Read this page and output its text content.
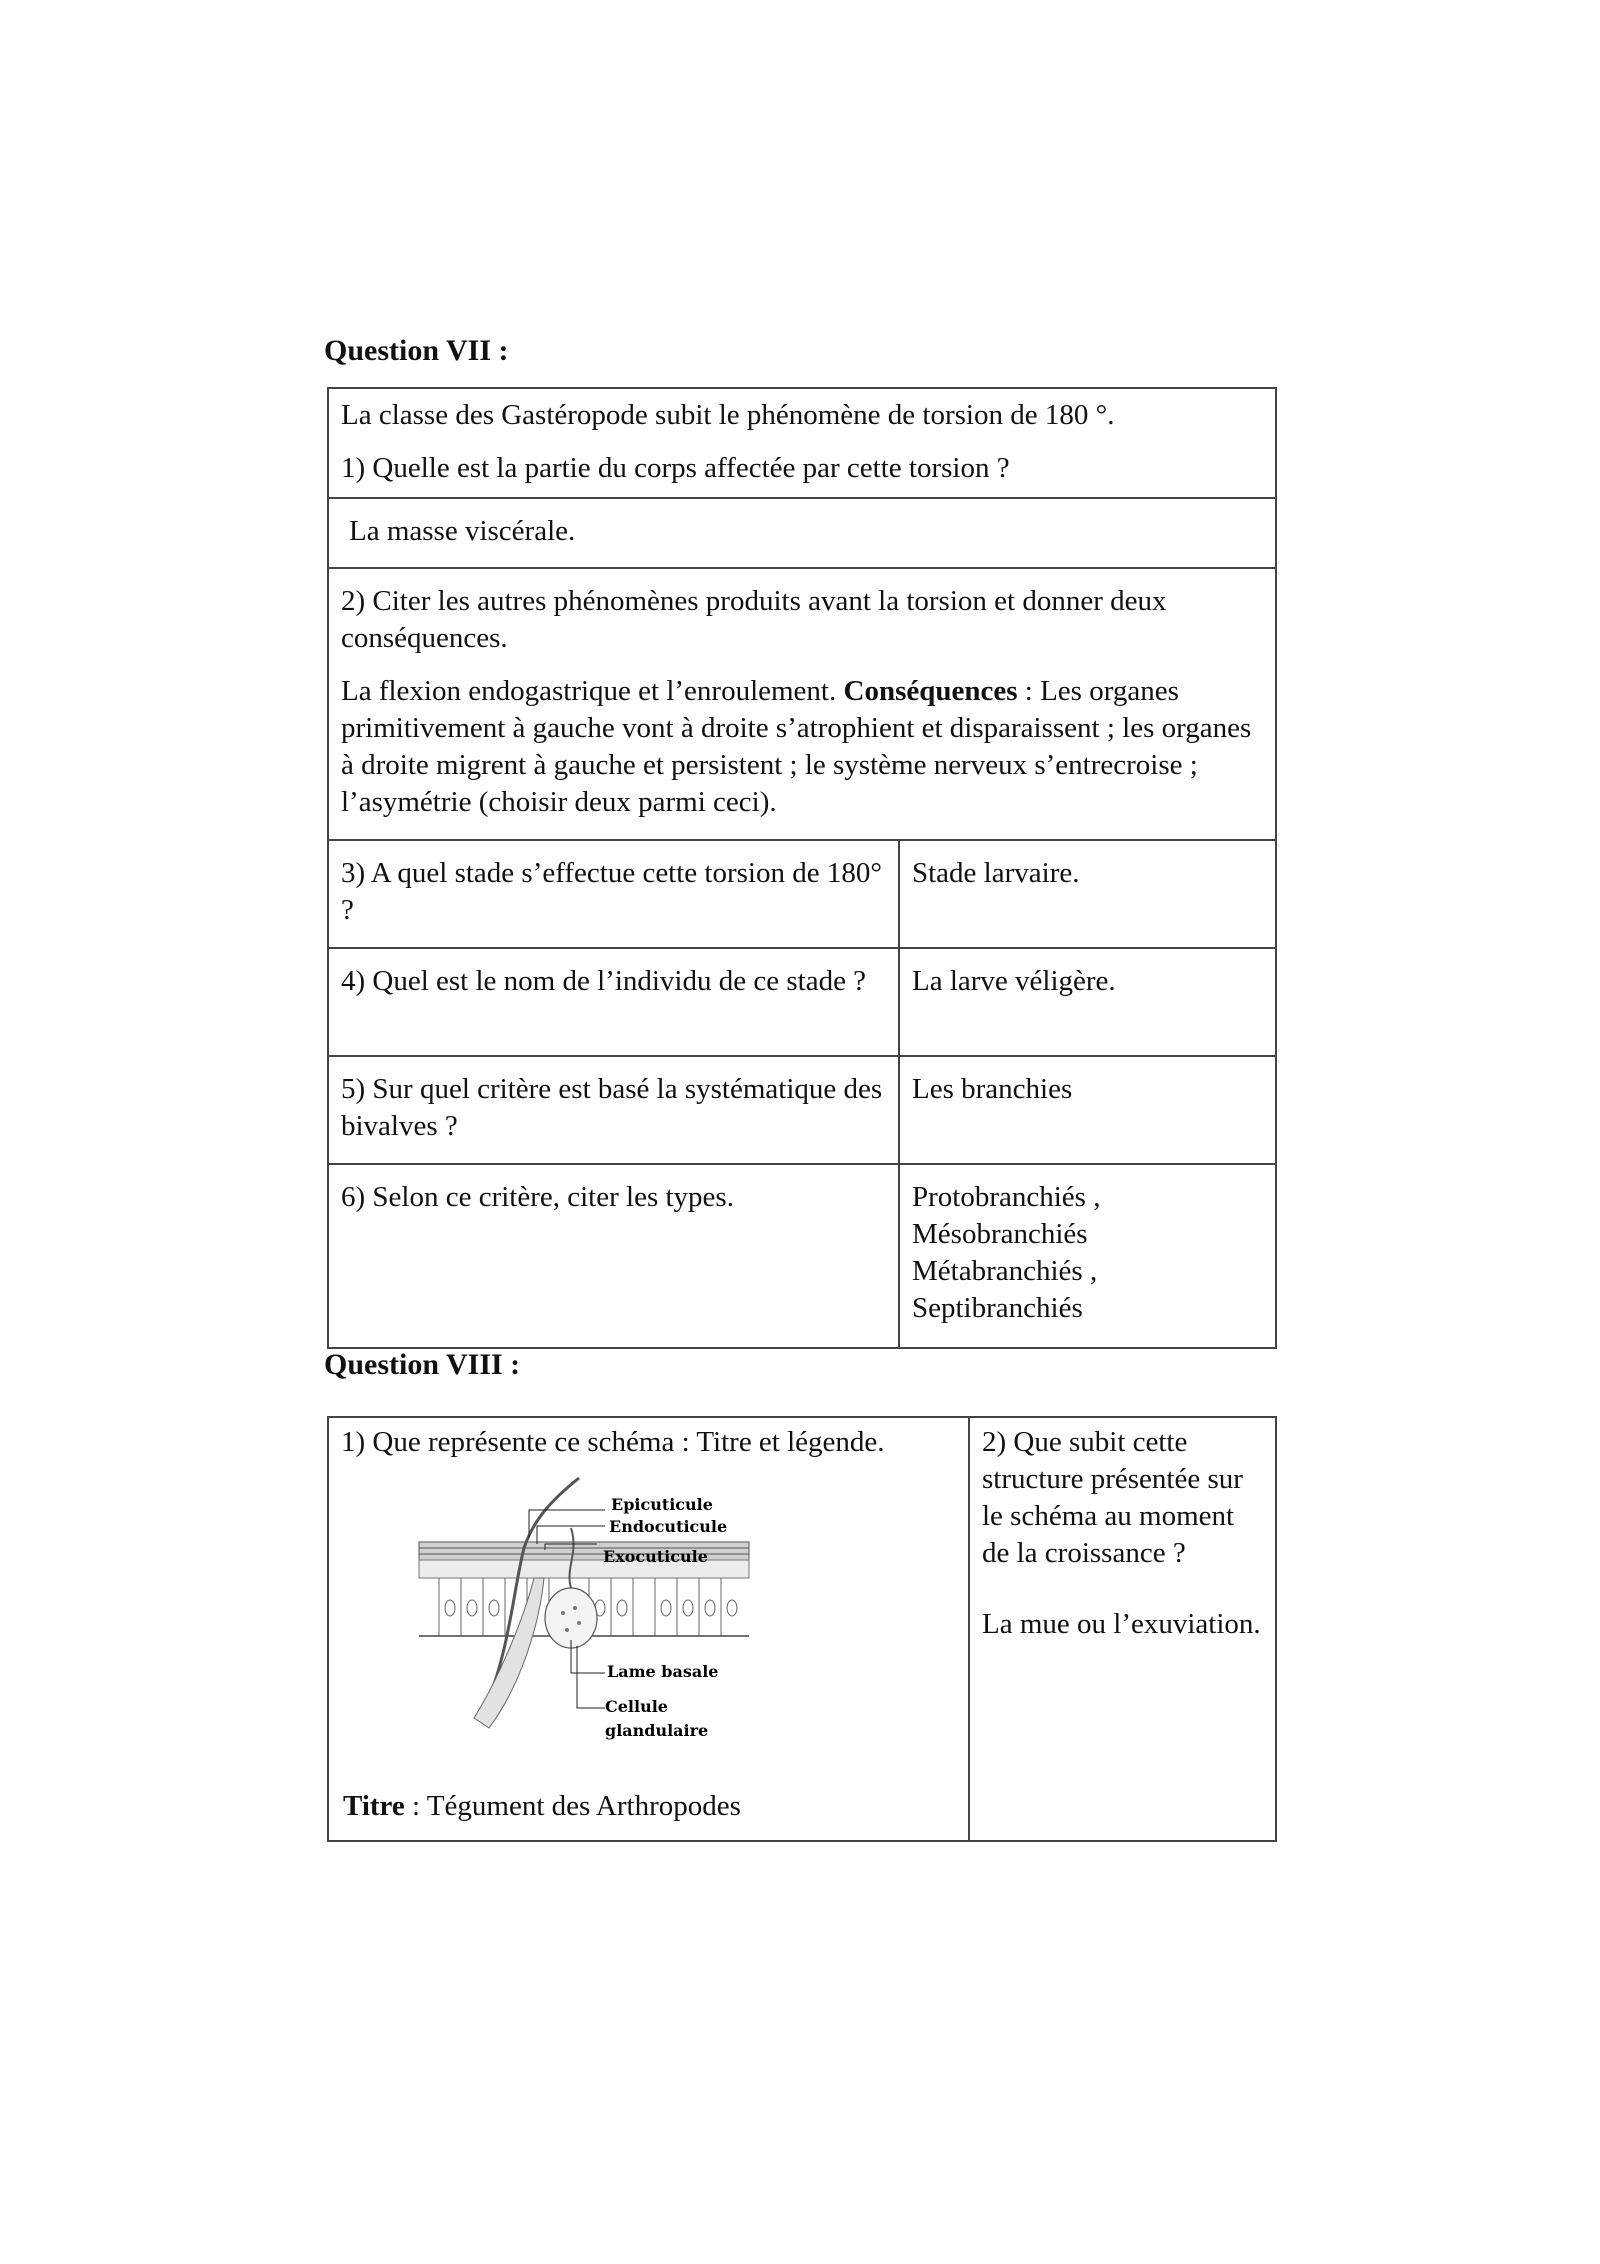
Question VII :

La classe des Gastéropode subit le phénomène de torsion de 180 °.

1) Quelle est la partie du corps affectée par cette torsion ?	

La masse viscérale.	

2) Citer les autres phénomènes produits avant la torsion et donner deux conséquences.

La flexion endogastrique et l’enroulement. Conséquences : Les organes primitivement à gauche vont à droite s’atrophient et disparaissent ; les organes à droite migrent à gauche et persistent ; le système nerveux s’entrecroise ; l’asymétrie (choisir deux parmi ceci).	

3) A quel stade s’effectue cette torsion de 180° ?	Stade larvaire.
4) Quel est le nom de l’individu de ce stade ?	La larve véligère.
5) Sur quel critère est basé la systématique des bivalves ?	Les branchies
6) Selon ce critère, citer les types.	Protobranchiés ,
Mésobranchiés
Métabranchiés ,
Septibranchiés
Question VIII :
1) Que représente ce schéma : Titre et légende.
Epicuticule
Endocuticule
Exocuticule
Lame basale
Cellule
glandulaire
Titre : Tégument des Arthropodes

2) Que subit cette structure présentée sur le schéma au moment de la croissance ?
La mue ou l’exuviation.
